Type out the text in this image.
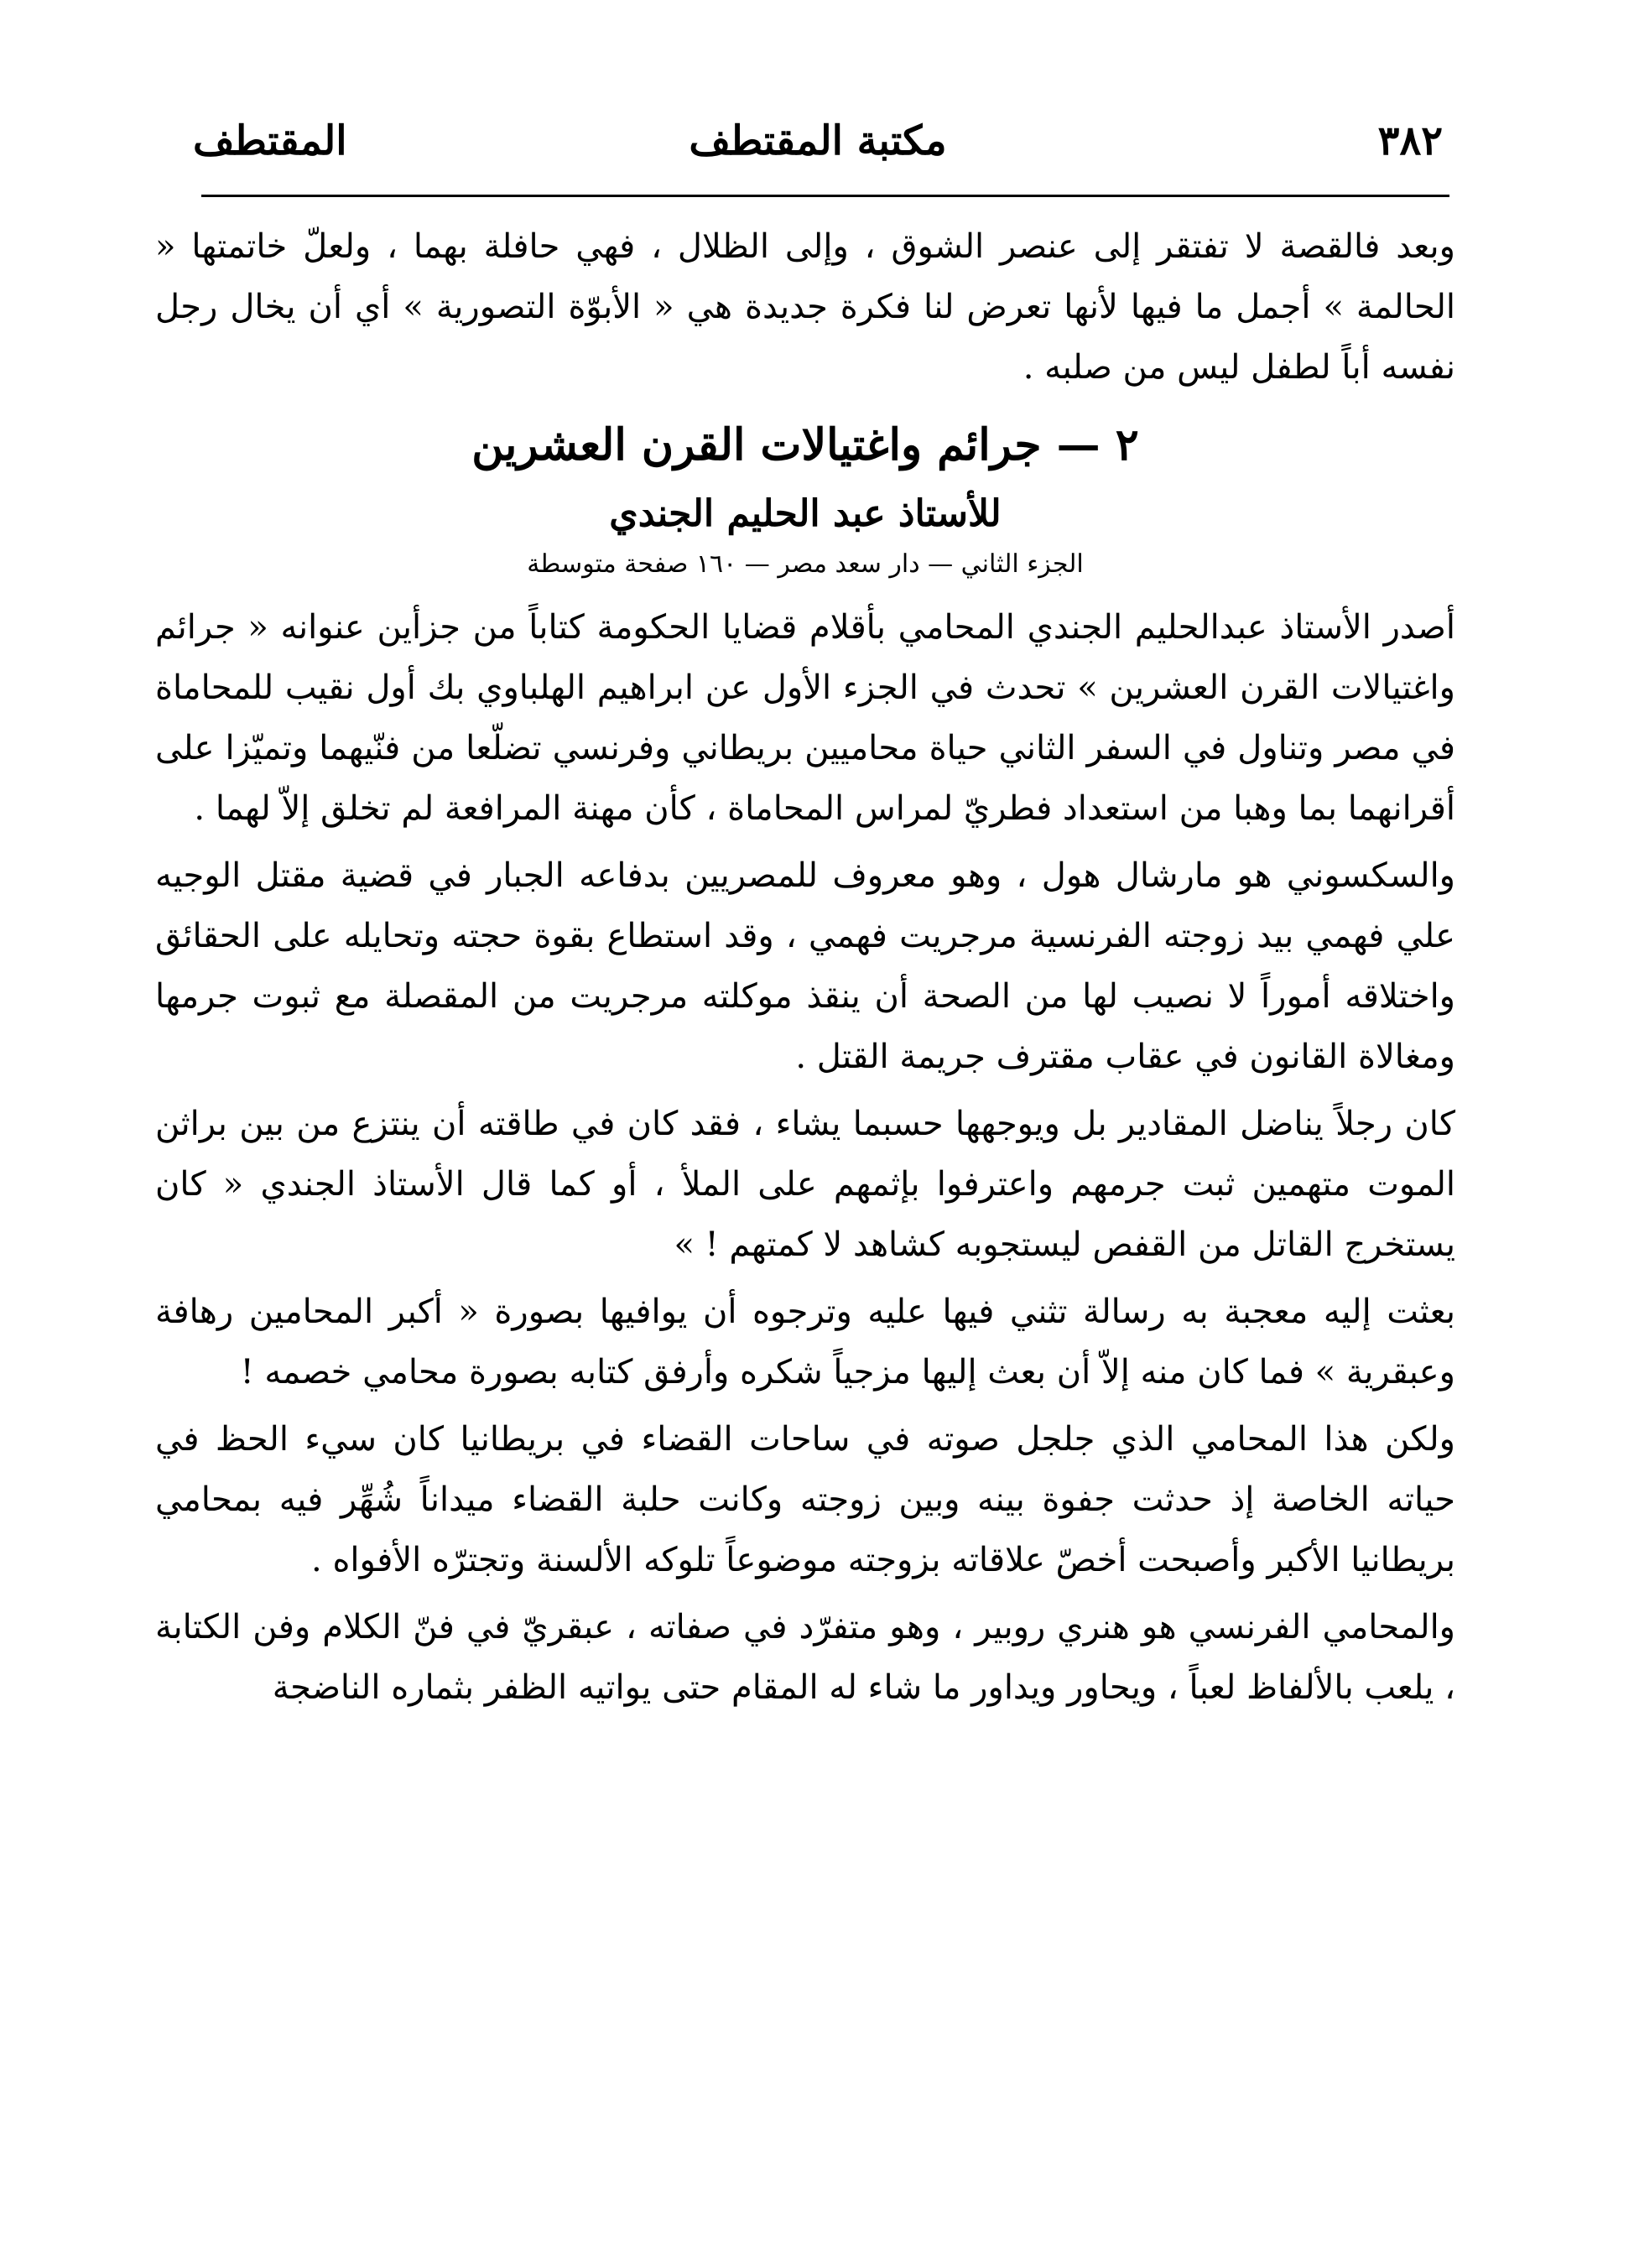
٣٨٢
مكتبة المقتطف
المقتطف

وبعد فالقصة لا تفتقر إلى عنصر الشوق ، وإلى الظلال ، فهي حافلة بهما ، ولعلّ خاتمتها « الحالمة » أجمل ما فيها لأنها تعرض لنا فكرة جديدة هي « الأبوّة التصورية » أي أن يخال رجل نفسه أباً لطفل ليس من صلبه .

٢ — جرائم واغتيالات القرن العشرين
للأستاذ عبد الحليم الجندي
الجزء الثاني — دار سعد مصر — ١٦٠ صفحة متوسطة

أصدر الأستاذ عبدالحليم الجندي المحامي بأقلام قضايا الحكومة كتاباً من جزأين عنوانه « جرائم واغتيالات القرن العشرين » تحدث في الجزء الأول عن ابراهيم الهلباوي بك أول نقيب للمحاماة في مصر وتناول في السفر الثاني حياة محاميين بريطاني وفرنسي تضلّعا من فنّيهما وتميّزا على أقرانهما بما وهبا من استعداد فطريّ لمراس المحاماة ، كأن مهنة المرافعة لم تخلق إلاّ لهما .

والسكسوني هو مارشال هول ، وهو معروف للمصريين بدفاعه الجبار في قضية مقتل الوجيه علي فهمي بيد زوجته الفرنسية مرجريت فهمي ، وقد استطاع بقوة حجته وتحايله على الحقائق واختلاقه أموراً لا نصيب لها من الصحة أن ينقذ موكلته مرجريت من المقصلة مع ثبوت جرمها ومغالاة القانون في عقاب مقترف جريمة القتل .

كان رجلاً يناضل المقادير بل ويوجهها حسبما يشاء ، فقد كان في طاقته أن ينتزع من بين براثن الموت متهمين ثبت جرمهم واعترفوا بإثمهم على الملأ ، أو كما قال الأستاذ الجندي « كان يستخرج القاتل من القفص ليستجوبه كشاهد لا كمتهم ! »

بعثت إليه معجبة به رسالة تثني فيها عليه وترجوه أن يوافيها بصورة « أكبر المحامين رهافة وعبقرية » فما كان منه إلاّ أن بعث إليها مزجياً شكره وأرفق كتابه بصورة محامي خصمه !

ولكن هذا المحامي الذي جلجل صوته في ساحات القضاء في بريطانيا كان سيء الحظ في حياته الخاصة إذ حدثت جفوة بينه وبين زوجته وكانت حلبة القضاء ميداناً شُهِّر فيه بمحامي بريطانيا الأكبر وأصبحت أخصّ علاقاته بزوجته موضوعاً تلوكه الألسنة وتجترّه الأفواه .

والمحامي الفرنسي هو هنري روبير ، وهو متفرّد في صفاته ، عبقريّ في فنّ الكلام وفن الكتابة ، يلعب بالألفاظ لعباً ، ويحاور ويداور ما شاء له المقام حتى يواتيه الظفر بثماره الناضجة
